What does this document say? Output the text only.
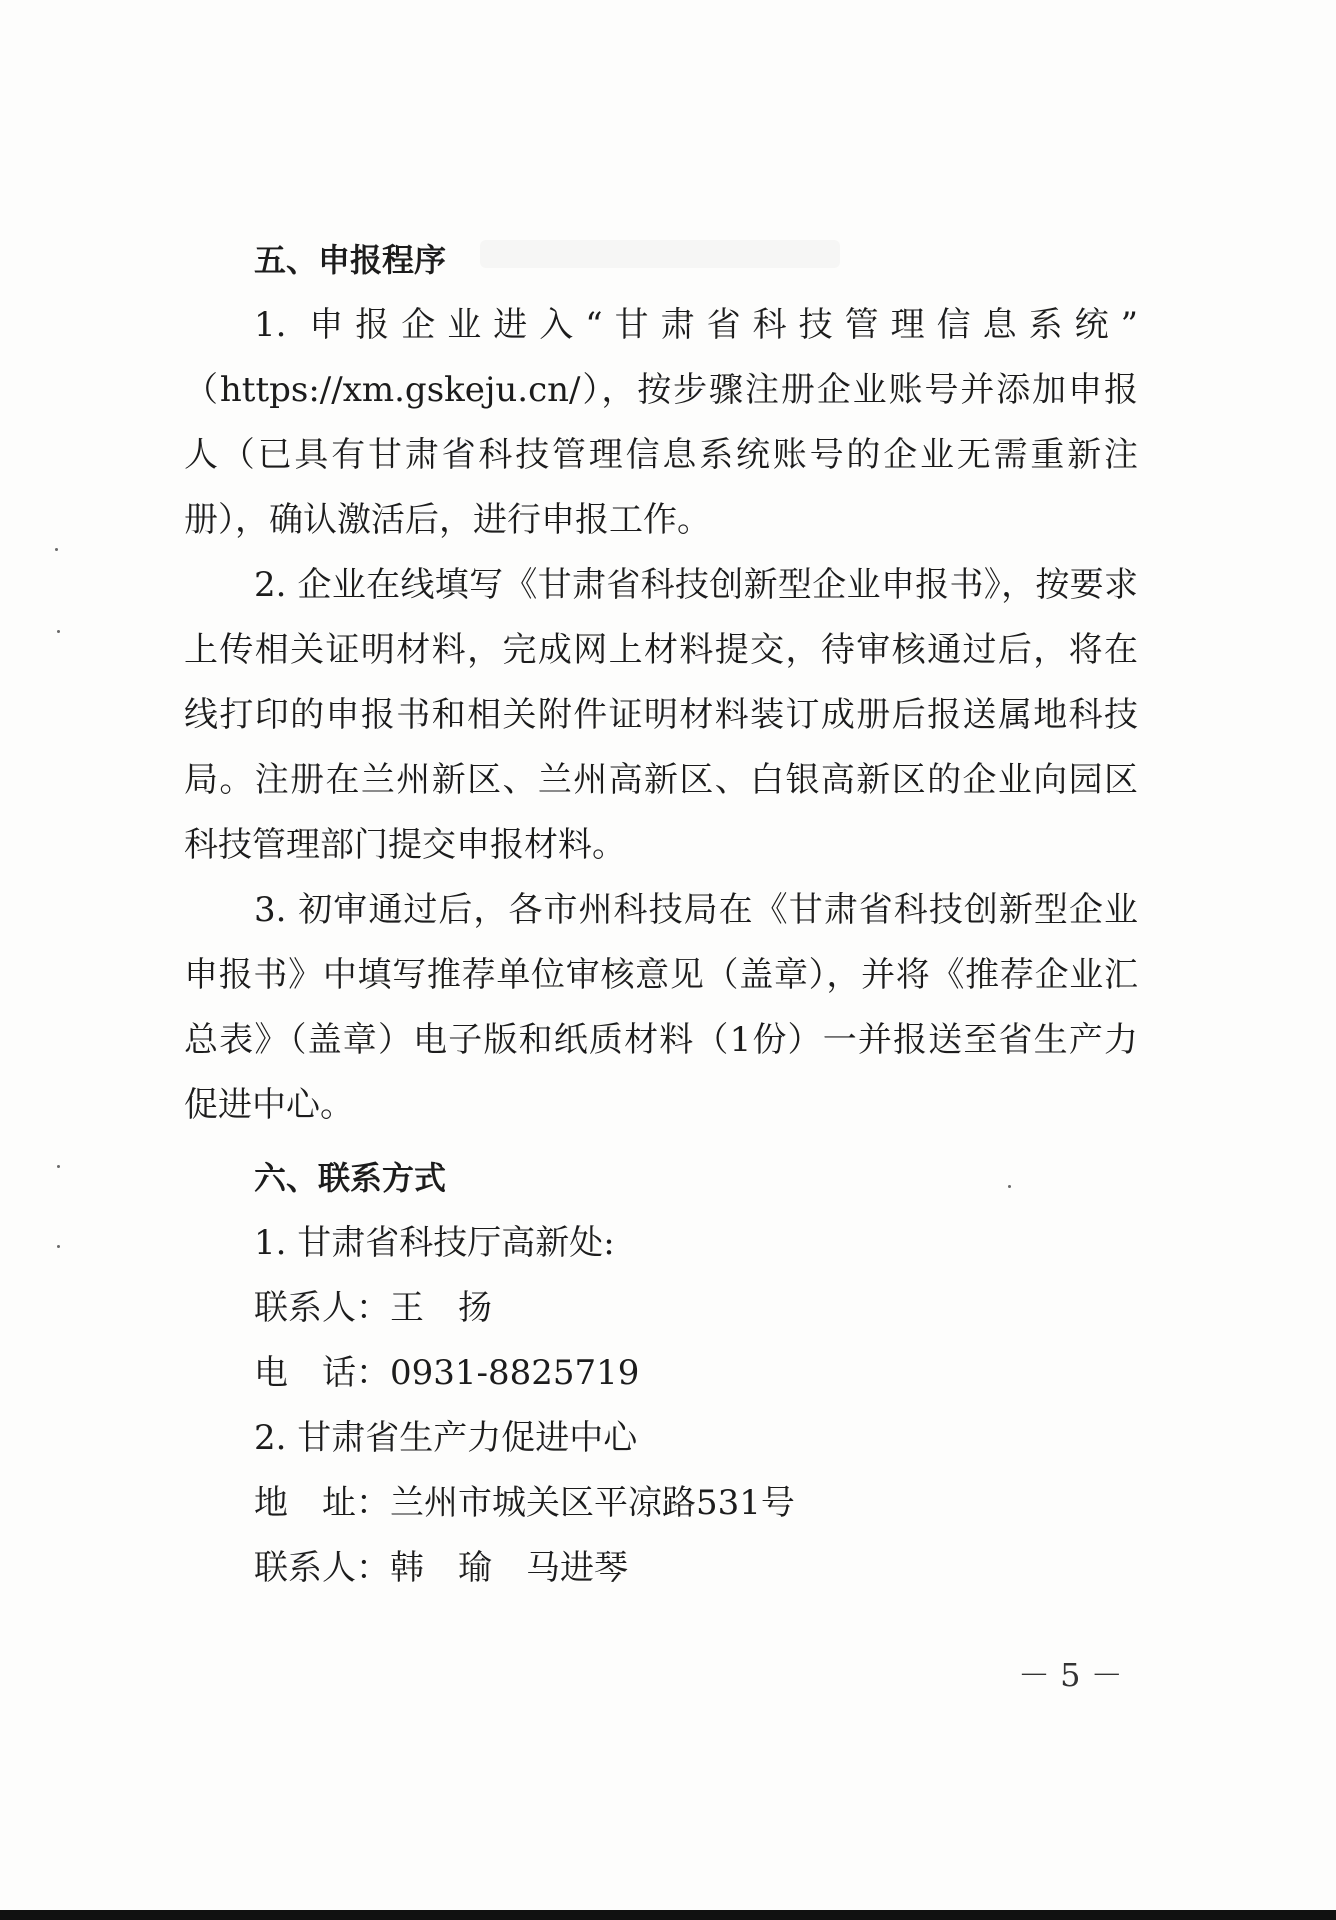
五、申报程序
1. 申报企业进入“甘肃省科技管理信息系统”
（https://xm.gskeju.cn/），按步骤注册企业账号并添加申报
人（已具有甘肃省科技管理信息系统账号的企业无需重新注
册），确认激活后，进行申报工作。
2. 企业在线填写《甘肃省科技创新型企业申报书》，按要求
上传相关证明材料，完成网上材料提交，待审核通过后，将在
线打印的申报书和相关附件证明材料装订成册后报送属地科技
局。注册在兰州新区、兰州高新区、白银高新区的企业向园区
科技管理部门提交申报材料。
3. 初审通过后，各市州科技局在《甘肃省科技创新型企业
申报书》中填写推荐单位审核意见（盖章），并将《推荐企业汇
总表》（盖章）电子版和纸质材料（1份）一并报送至省生产力
促进中心。
六、联系方式
1. 甘肃省科技厅高新处:
联系人：王　扬
电　话：0931-8825719
2. 甘肃省生产力促进中心
地　址：兰州市城关区平凉路531号
联系人：韩　瑜　马进琴
－ 5 －
